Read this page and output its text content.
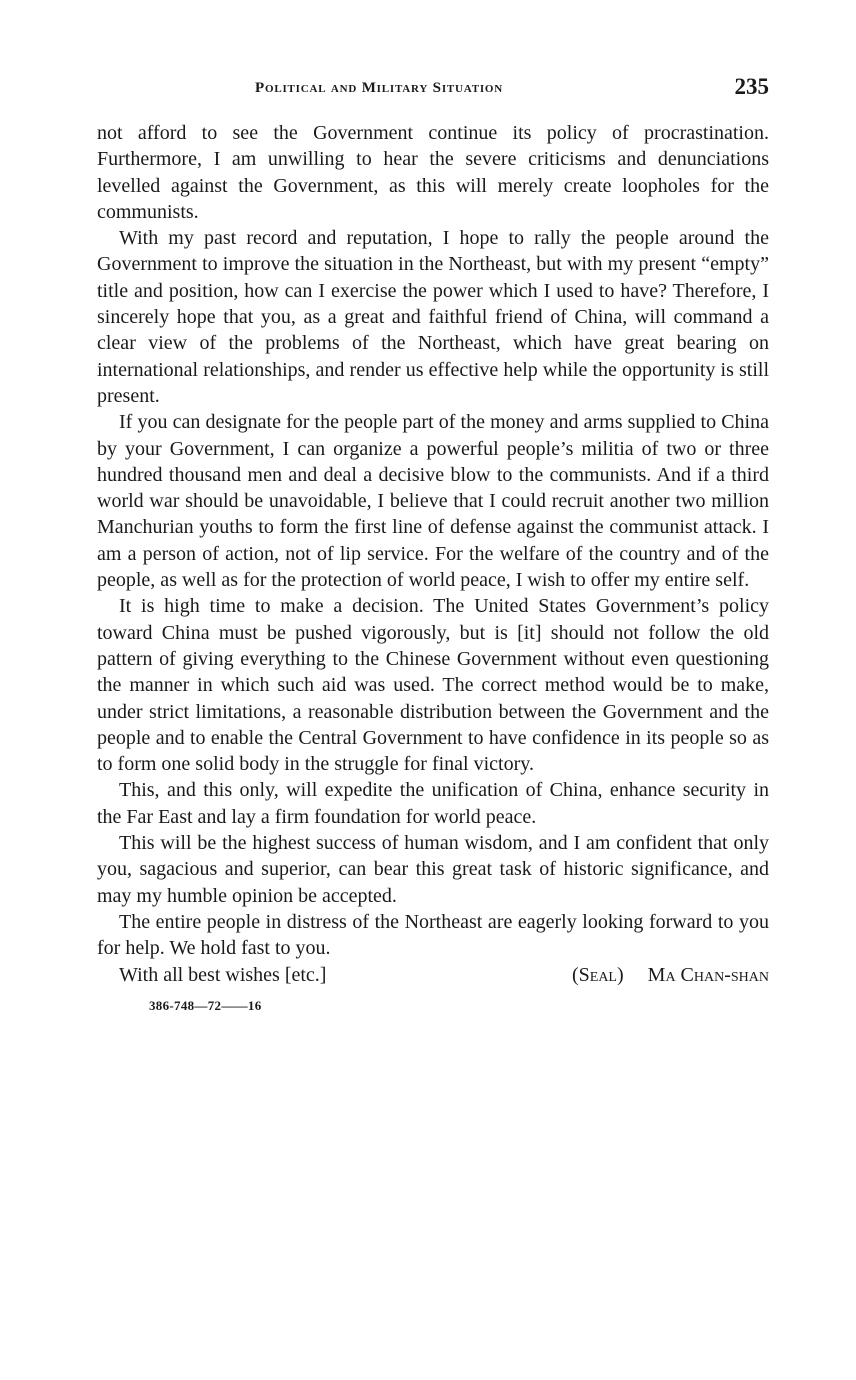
Political and Military Situation	235

not afford to see the Government continue its policy of procrastination. Furthermore, I am unwilling to hear the severe criticisms and denunciations levelled against the Government, as this will merely create loopholes for the communists.

With my past record and reputation, I hope to rally the people around the Government to improve the situation in the Northeast, but with my present “empty” title and position, how can I exercise the power which I used to have? Therefore, I sincerely hope that you, as a great and faithful friend of China, will command a clear view of the problems of the Northeast, which have great bearing on international relationships, and render us effective help while the opportunity is still present.

If you can designate for the people part of the money and arms supplied to China by your Government, I can organize a powerful people’s militia of two or three hundred thousand men and deal a decisive blow to the communists. And if a third world war should be unavoidable, I believe that I could recruit another two million Manchurian youths to form the first line of defense against the communist attack. I am a person of action, not of lip service. For the welfare of the country and of the people, as well as for the protection of world peace, I wish to offer my entire self.

It is high time to make a decision. The United States Government’s policy toward China must be pushed vigorously, but is [it] should not follow the old pattern of giving everything to the Chinese Government without even questioning the manner in which such aid was used. The correct method would be to make, under strict limitations, a reasonable distribution between the Government and the people and to enable the Central Government to have confidence in its people so as to form one solid body in the struggle for final victory.

This, and this only, will expedite the unification of China, enhance security in the Far East and lay a firm foundation for world peace.

This will be the highest success of human wisdom, and I am confident that only you, sagacious and superior, can bear this great task of historic significance, and may my humble opinion be accepted.

The entire people in distress of the Northeast are eagerly looking forward to you for help. We hold fast to you.

With all best wishes [etc.]	(Seal) Ma Chan-shan
386-748—72——16
